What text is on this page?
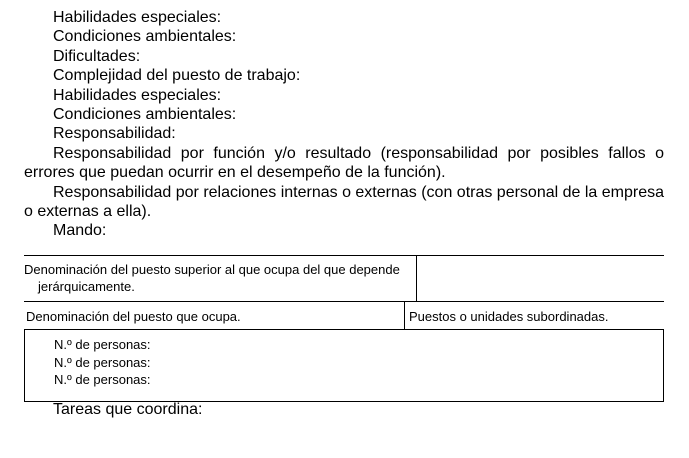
Habilidades especiales:
Condiciones ambientales:
Dificultades:
Complejidad del puesto de trabajo:
Habilidades especiales:
Condiciones ambientales:
Responsabilidad:
Responsabilidad por función y/o resultado (responsabilidad por posibles fallos o errores que puedan ocurrir en el desempeño de la función).
Responsabilidad por relaciones internas o externas (con otras personal de la empresa o externas a ella).
Mando:
Denominación del puesto superior al que ocupa del que depende jerárquicamente.
Denominación del puesto que ocupa.	Puestos o unidades subordinadas.
N.º de personas:
N.º de personas:
N.º de personas:
Tareas que coordina:
